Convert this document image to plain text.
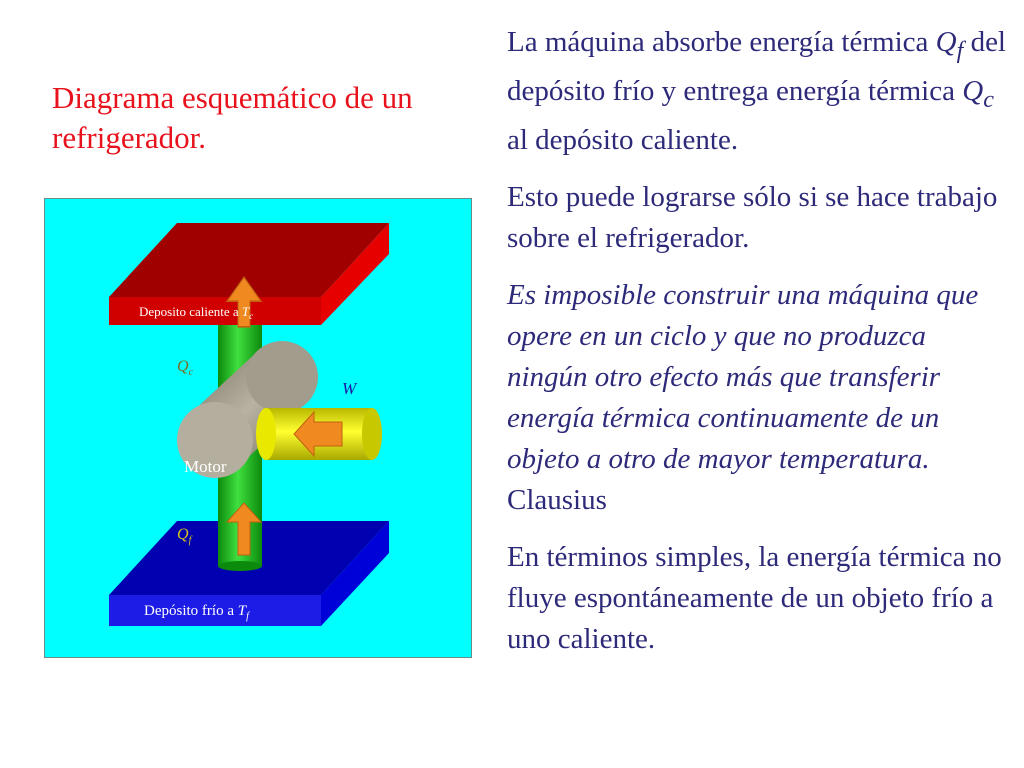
Diagrama esquemático de un refrigerador.

La máquina absorbe energía térmica $Q_f$ del depósito frío y entrega energía térmica $Q_c$ al depósito caliente.

Esto puede lograrse sólo si se hace trabajo sobre el refrigerador.

Es imposible construir una máquina que opere en un ciclo y que no produzca ningún otro efecto más que transferir energía térmica continuamente de un objeto a otro de mayor temperatura. Clausius

En términos simples, la energía térmica no fluye espontáneamente de un objeto frío a uno caliente.

Deposito caliente a $T_c$
Depósito frío a $T_f$
$Q_c$
$Q_f$
W
Motor
